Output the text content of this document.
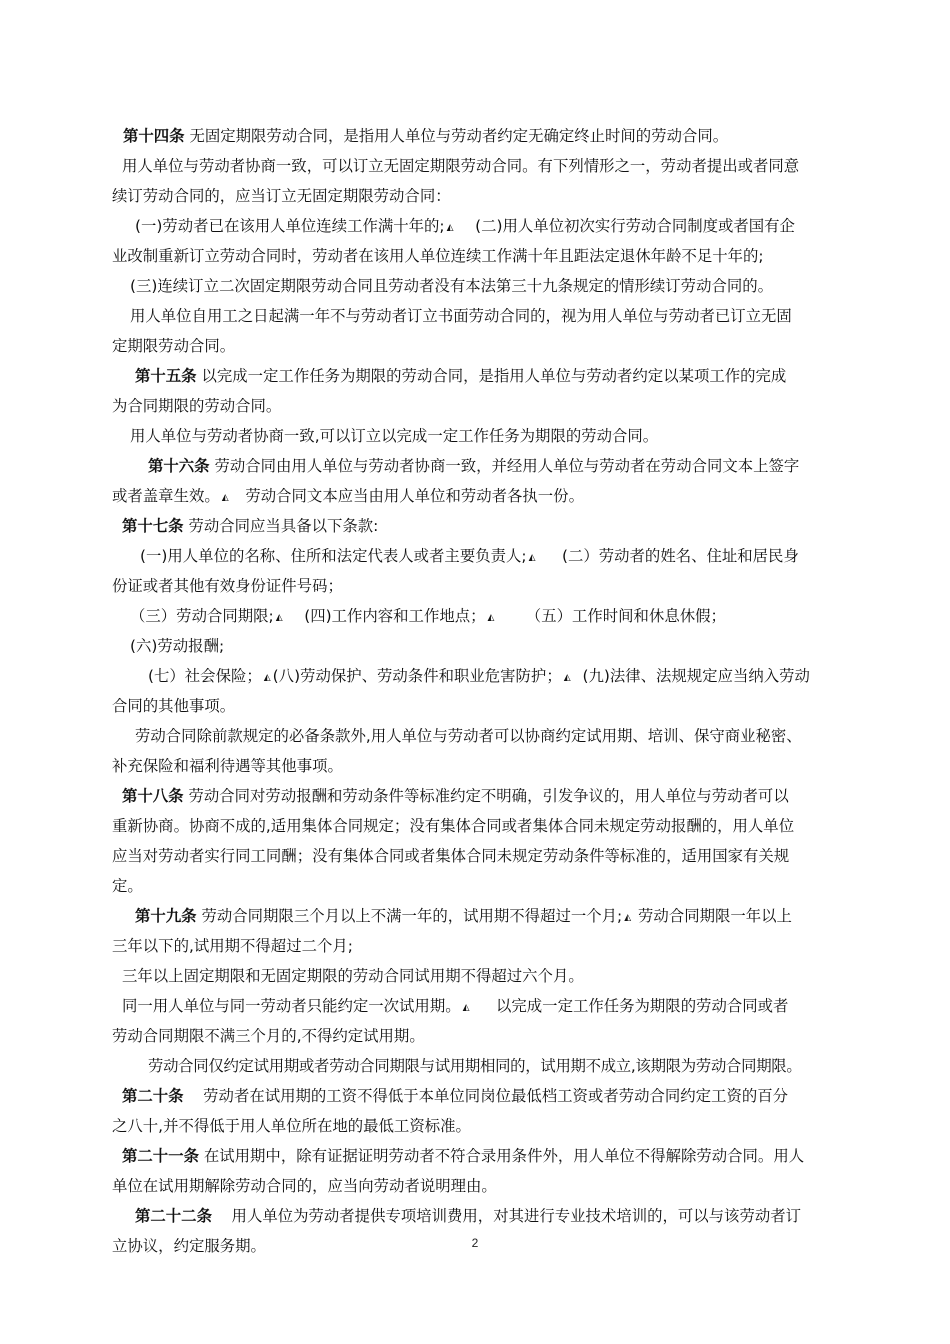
第十四条 无固定期限劳动合同，是指用人单位与劳动者约定无确定终止时间的劳动合同。
用人单位与劳动者协商一致，可以订立无固定期限劳动合同。有下列情形之一，劳动者提出或者同意
续订劳动合同的，应当订立无固定期限劳动合同：
(一)劳动者已在该用人单位连续工作满十年的; ◭ (二)用人单位初次实行劳动合同制度或者国有企
业改制重新订立劳动合同时，劳动者在该用人单位连续工作满十年且距法定退休年龄不足十年的;
(三)连续订立二次固定期限劳动合同且劳动者没有本法第三十九条规定的情形续订劳动合同的。
用人单位自用工之日起满一年不与劳动者订立书面劳动合同的，视为用人单位与劳动者已订立无固
定期限劳动合同。
第十五条 以完成一定工作任务为期限的劳动合同，是指用人单位与劳动者约定以某项工作的完成
为合同期限的劳动合同。
用人单位与劳动者协商一致,可以订立以完成一定工作任务为期限的劳动合同。
第十六条 劳动合同由用人单位与劳动者协商一致，并经用人单位与劳动者在劳动合同文本上签字
或者盖章生效。 ◭ 劳动合同文本应当由用人单位和劳动者各执一份。
第十七条 劳动合同应当具备以下条款:
(一)用人单位的名称、住所和法定代表人或者主要负责人; ◭ (二）劳动者的姓名、住址和居民身
份证或者其他有效身份证件号码；
（三）劳动合同期限; ◭ (四)工作内容和工作地点； ◭ （五）工作时间和休息休假；
(六)劳动报酬;
(七）社会保险； ◭ (八)劳动保护、劳动条件和职业危害防护； ◭ (九)法律、法规规定应当纳入劳动
合同的其他事项。
劳动合同除前款规定的必备条款外,用人单位与劳动者可以协商约定试用期、培训、保守商业秘密、
补充保险和福利待遇等其他事项。
第十八条 劳动合同对劳动报酬和劳动条件等标准约定不明确，引发争议的，用人单位与劳动者可以
重新协商。协商不成的,适用集体合同规定；没有集体合同或者集体合同未规定劳动报酬的，用人单位
应当对劳动者实行同工同酬；没有集体合同或者集体合同未规定劳动条件等标准的，适用国家有关规
定。
第十九条 劳动合同期限三个月以上不满一年的，试用期不得超过一个月; ◭ 劳动合同期限一年以上
三年以下的,试用期不得超过二个月;
三年以上固定期限和无固定期限的劳动合同试用期不得超过六个月。
同一用人单位与同一劳动者只能约定一次试用期。 ◭ 以完成一定工作任务为期限的劳动合同或者
劳动合同期限不满三个月的,不得约定试用期。
劳动合同仅约定试用期或者劳动合同期限与试用期相同的，试用期不成立,该期限为劳动合同期限。
第二十条 劳动者在试用期的工资不得低于本单位同岗位最低档工资或者劳动合同约定工资的百分
之八十,并不得低于用人单位所在地的最低工资标准。
第二十一条 在试用期中，除有证据证明劳动者不符合录用条件外，用人单位不得解除劳动合同。用人
单位在试用期解除劳动合同的，应当向劳动者说明理由。
第二十二条 用人单位为劳动者提供专项培训费用，对其进行专业技术培训的，可以与该劳动者订
立协议，约定服务期。	2
